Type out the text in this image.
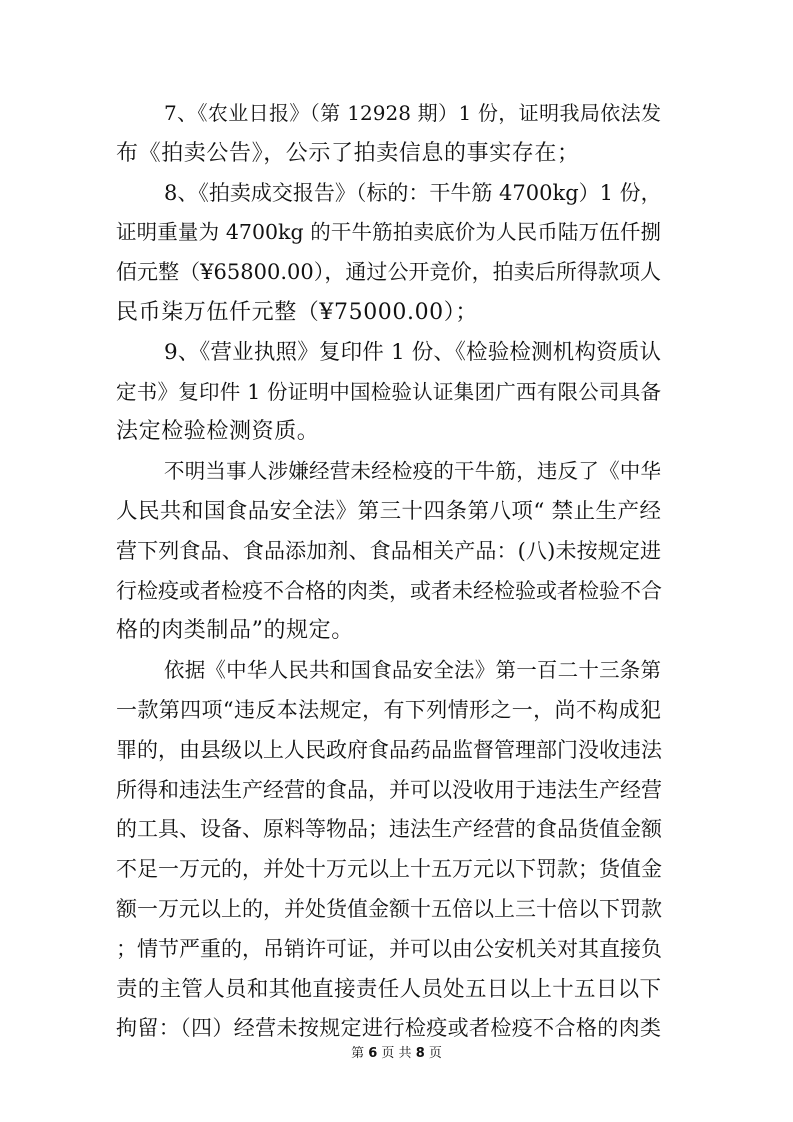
7、《农业日报》（第 12928 期）1 份，证明我局依法发
布《拍卖公告》，公示了拍卖信息的事实存在；
8、《拍卖成交报告》（标的：干牛筋 4700kg）1 份，
证明重量为 4700kg 的干牛筋拍卖底价为人民币陆万伍仟捌
佰元整（¥65800.00），通过公开竞价，拍卖后所得款项人
民币柒万伍仟元整（¥75000.00）；
9、《营业执照》复印件 1 份、《检验检测机构资质认
定书》复印件 1 份证明中国检验认证集团广西有限公司具备
法定检验检测资质。
不明当事人涉嫌经营未经检疫的干牛筋，违反了《中华
人民共和国食品安全法》第三十四条第八项“ 禁止生产经
营下列食品、食品添加剂、食品相关产品：(八)未按规定进
行检疫或者检疫不合格的肉类，或者未经检验或者检验不合
格的肉类制品”的规定。
依据《中华人民共和国食品安全法》第一百二十三条第
一款第四项“违反本法规定，有下列情形之一，尚不构成犯
罪的，由县级以上人民政府食品药品监督管理部门没收违法
所得和违法生产经营的食品，并可以没收用于违法生产经营
的工具、设备、原料等物品；违法生产经营的食品货值金额
不足一万元的，并处十万元以上十五万元以下罚款；货值金
额一万元以上的，并处货值金额十五倍以上三十倍以下罚款
；情节严重的，吊销许可证，并可以由公安机关对其直接负
责的主管人员和其他直接责任人员处五日以上十五日以下
拘留：（四）经营未按规定进行检疫或者检疫不合格的肉类
第 6 页 共 8 页
